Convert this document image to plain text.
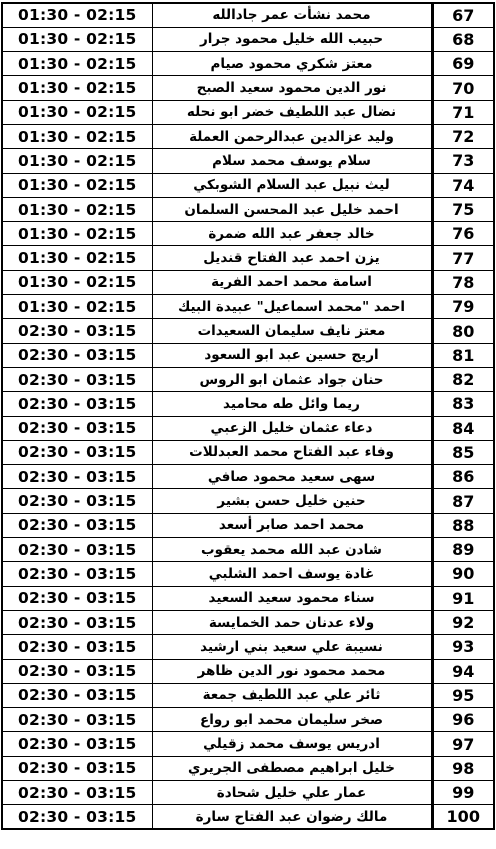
01:30 - 02:15	محمد نشأت عمر جادالله	67
01:30 - 02:15	حبيب الله خليل محمود جرار	68
01:30 - 02:15	معتز شكري محمود صيام	69
01:30 - 02:15	نور الدين محمود سعيد الصبح	70
01:30 - 02:15	نضال عبد اللطيف خضر ابو نحله	71
01:30 - 02:15	وليد عزالدين عبدالرحمن العملة	72
01:30 - 02:15	سلام يوسف محمد سلام	73
01:30 - 02:15	ليث نبيل عبد السلام الشوبكي	74
01:30 - 02:15	احمد خليل عبد المحسن السلمان	75
01:30 - 02:15	خالد جعفر عبد الله ضمرة	76
01:30 - 02:15	يزن احمد عبد الفتاح قنديل	77
01:30 - 02:15	اسامة محمد احمد الفرية	78
01:30 - 02:15	احمد "محمد اسماعيل" عبيدة البيك	79
02:30 - 03:15	معتز نايف سليمان السعيدات	80
02:30 - 03:15	اريج حسين عبد ابو السعود	81
02:30 - 03:15	حنان جواد عثمان ابو الروس	82
02:30 - 03:15	ريما وائل طه محاميد	83
02:30 - 03:15	دعاء عثمان خليل الزعبي	84
02:30 - 03:15	وفاء عبد الفتاح محمد العبدللات	85
02:30 - 03:15	سهى سعيد محمود صافي	86
02:30 - 03:15	حنين خليل حسن بشير	87
02:30 - 03:15	محمد احمد صابر أسعد	88
02:30 - 03:15	شادن عبد الله محمد يعقوب	89
02:30 - 03:15	غادة يوسف احمد الشلبي	90
02:30 - 03:15	سناء محمود سعيد السعيد	91
02:30 - 03:15	ولاء عدنان حمد الخمايسة	92
02:30 - 03:15	نسيبة علي سعيد بني ارشيد	93
02:30 - 03:15	محمد محمود نور الدين ظاهر	94
02:30 - 03:15	ثائر علي عبد اللطيف جمعة	95
02:30 - 03:15	صخر سليمان محمد ابو رواع	96
02:30 - 03:15	ادريس يوسف محمد زقيلي	97
02:30 - 03:15	خليل ابراهيم مصطفى الجريري	98
02:30 - 03:15	عمار علي خليل شحادة	99
02:30 - 03:15	مالك رضوان عبد الفتاح سارة	100
